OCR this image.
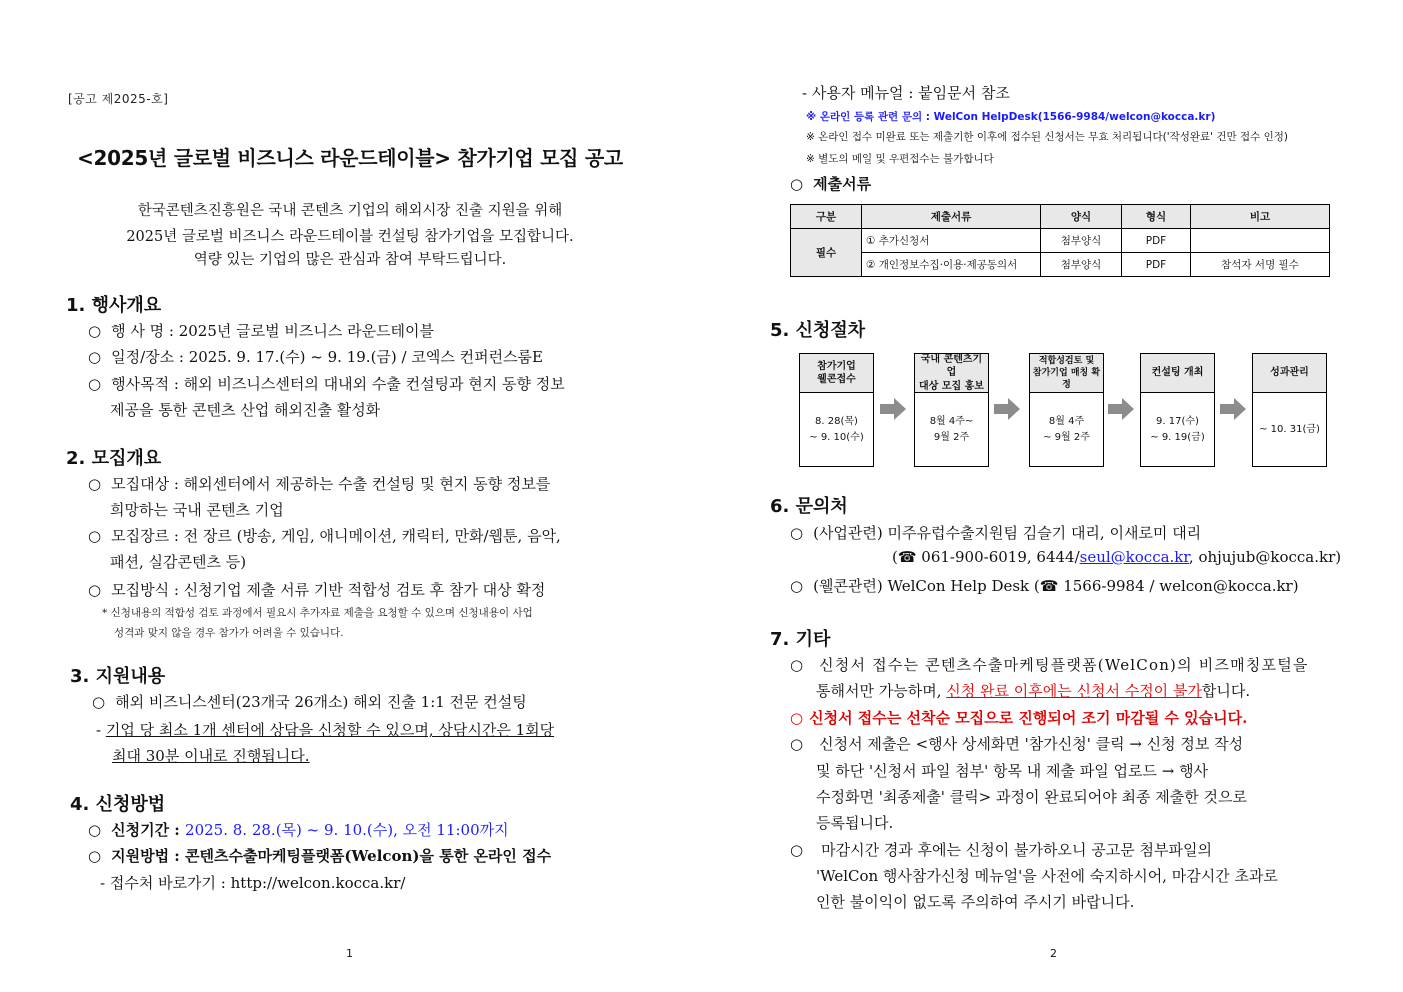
[공고 제2025-호]
<2025년 글로벌 비즈니스 라운드테이블> 참가기업 모집 공고
한국콘텐츠진흥원은 국내 콘텐츠 기업의 해외시장 진출 지원을 위해
2025년 글로벌 비즈니스 라운드테이블 컨설팅 참가기업을 모집합니다.
역량 있는 기업의 많은 관심과 참여 부탁드립니다.
1. 행사개요
○ 행 사 명 : 2025년 글로벌 비즈니스 라운드테이블
○ 일정/장소 : 2025. 9. 17.(수) ~ 9. 19.(금) / 코엑스 컨퍼런스룸E
○ 행사목적 : 해외 비즈니스센터의 대내외 수출 컨설팅과 현지 동향 정보
제공을 통한 콘텐츠 산업 해외진출 활성화
2. 모집개요
○ 모집대상 : 해외센터에서 제공하는 수출 컨설팅 및 현지 동향 정보를
희망하는 국내 콘텐츠 기업
○ 모집장르 : 전 장르 (방송, 게임, 애니메이션, 캐릭터, 만화/웹툰, 음악,
패션, 실감콘텐츠 등)
○ 모집방식 : 신청기업 제출 서류 기반 적합성 검토 후 참가 대상 확정
* 신청내용의 적합성 검토 과정에서 필요시 추가자료 제출을 요청할 수 있으며 신청내용이 사업
성격과 맞지 않을 경우 참가가 어려울 수 있습니다.
3. 지원내용
○ 해외 비즈니스센터(23개국 26개소) 해외 진출 1:1 전문 컨설팅
- 기업 당 최소 1개 센터에 상담을 신청할 수 있으며, 상담시간은 1회당
최대 30분 이내로 진행됩니다.
4. 신청방법
○ 신청기간 : 2025. 8. 28.(목) ~ 9. 10.(수), 오전 11:00까지
○ 지원방법 : 콘텐츠수출마케팅플랫폼(Welcon)을 통한 온라인 접수
- 접수처 바로가기 : http://welcon.kocca.kr/
1
- 사용자 메뉴얼 : 붙임문서 참조
※ 온라인 등록 관련 문의 : WelCon HelpDesk(1566-9984/welcon@kocca.kr)
※ 온라인 접수 미완료 또는 제출기한 이후에 접수된 신청서는 무효 처리됩니다('작성완료' 건만 접수 인정)
※ 별도의 메일 및 우편접수는 불가합니다
○ 제출서류
구분	제출서류	양식	형식	비고
필수	① 추가신청서	첨부양식	PDF	
	② 개인정보수집·이용·제공동의서	첨부양식	PDF	참석자 서명 필수
5. 신청절차
참가기업
웰콘접수
8. 28(목)
~ 9. 10(수)
국내 콘텐츠기업
대상 모집 홍보
8월 4주~
9월 2주
적합성검토 및
참가기업 매칭 확정
8월 4주
~ 9월 2주
컨설팅 개최
9. 17(수)
~ 9. 19(금)
성과관리
~ 10. 31(금)
6. 문의처
○ (사업관련) 미주유럽수출지원팀 김슬기 대리, 이새로미 대리
(☎ 061-900-6019, 6444/seul@kocca.kr, ohjujub@kocca.kr)
○ (웰콘관련) WelCon Help Desk (☎ 1566-9984 / welcon@kocca.kr)
7. 기타
○ 신청서 접수는 콘텐츠수출마케팅플랫폼(WelCon)의 비즈매칭포털을
통해서만 가능하며, 신청 완료 이후에는 신청서 수정이 불가합니다.
○ 신청서 접수는 선착순 모집으로 진행되어 조기 마감될 수 있습니다.
○ 신청서 제출은 <행사 상세화면 '참가신청' 클릭 → 신청 정보 작성
및 하단 '신청서 파일 첨부' 항목 내 제출 파일 업로드 → 행사
수정화면 '최종제출' 클릭> 과정이 완료되어야 최종 제출한 것으로
등록됩니다.
○ 마감시간 경과 후에는 신청이 불가하오니 공고문 첨부파일의
'WelCon 행사참가신청 메뉴얼'을 사전에 숙지하시어, 마감시간 초과로
인한 불이익이 없도록 주의하여 주시기 바랍니다.
2
